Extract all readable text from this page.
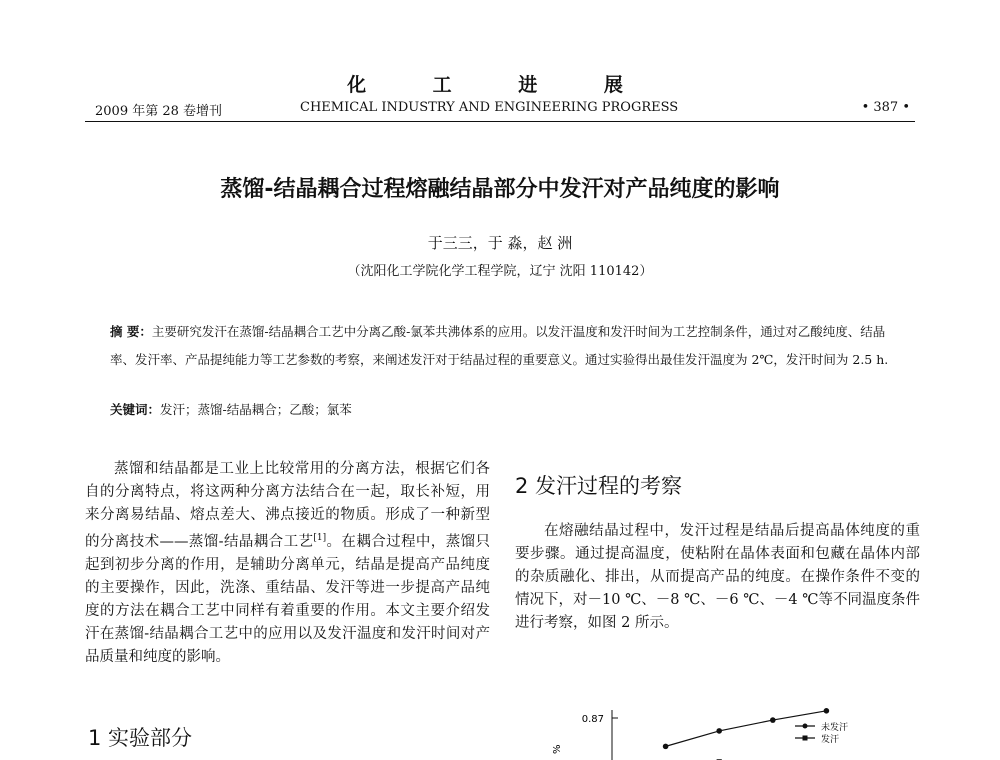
化 工 进 展
2009 年第 28 卷增刊	CHEMICAL INDUSTRY AND ENGINEERING PROGRESS	• 387 •
蒸馏-结晶耦合过程熔融结晶部分中发汗对产品纯度的影响
于三三，于 淼，赵 洲
（沈阳化工学院化学工程学院，辽宁 沈阳 110142）
摘 要：主要研究发汗在蒸馏-结晶耦合工艺中分离乙酸-氯苯共沸体系的应用。以发汗温度和发汗时间为工艺控制条件，通过对乙酸纯度、结晶率、发汗率、产品提纯能力等工艺参数的考察，来阐述发汗对于结晶过程的重要意义。通过实验得出最佳发汗温度为 2℃，发汗时间为 2.5 h.
关键词：发汗；蒸馏-结晶耦合；乙酸；氯苯
蒸馏和结晶都是工业上比较常用的分离方法，根据它们各自的分离特点，将这两种分离方法结合在一起，取长补短，用来分离易结晶、熔点差大、沸点接近的物质。形成了一种新型的分离技术——蒸馏-结晶耦合工艺[1]。在耦合过程中，蒸馏只起到初步分离的作用，是辅助分离单元，结晶是提高产品纯度的主要操作，因此，洗涤、重结晶、发汗等进一步提高产品纯度的方法在耦合工艺中同样有着重要的作用。本文主要介绍发汗在蒸馏-结晶耦合工艺中的应用以及发汗温度和发汗时间对产品质量和纯度的影响。
1 实验部分
2 发汗过程的考察
在熔融结晶过程中，发汗过程是结晶后提高晶体纯度的重要步骤。通过提高温度，使粘附在晶体表面和包藏在晶体内部的杂质融化、排出，从而提高产品的纯度。在操作条件不变的情况下，对－10 ℃、－8 ℃、－6 ℃、－4 ℃等不同温度条件进行考察，如图 2 所示。
0.87
%
未发汗
发汗
